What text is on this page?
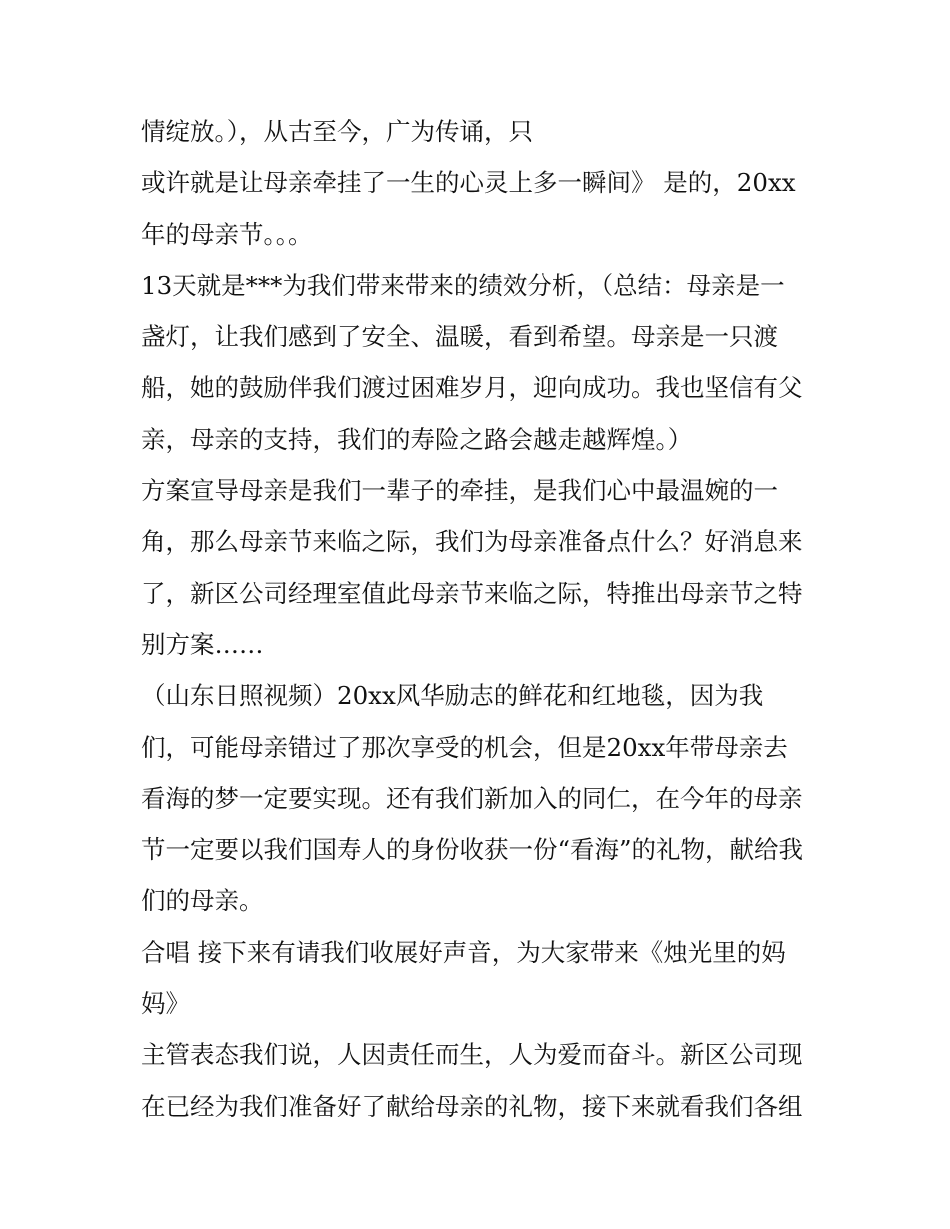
情绽放。），从古至今，广为传诵，只
或许就是让母亲牵挂了一生的心灵上多一瞬间》 是的，20xx
年的母亲节。。。
13天就是***为我们带来带来的绩效分析，（总结：母亲是一
盏灯，让我们感到了安全、温暖，看到希望。母亲是一只渡
船，她的鼓励伴我们渡过困难岁月，迎向成功。我也坚信有父
亲，母亲的支持，我们的寿险之路会越走越辉煌。）
方案宣导母亲是我们一辈子的牵挂，是我们心中最温婉的一
角，那么母亲节来临之际，我们为母亲准备点什么？好消息来
了，新区公司经理室值此母亲节来临之际，特推出母亲节之特
别方案……
（山东日照视频）20xx风华励志的鲜花和红地毯，因为我
们，可能母亲错过了那次享受的机会，但是20xx年带母亲去
看海的梦一定要实现。还有我们新加入的同仁，在今年的母亲
节一定要以我们国寿人的身份收获一份“看海”的礼物，献给我
们的母亲。
合唱 接下来有请我们收展好声音，为大家带来《烛光里的妈
妈》
主管表态我们说，人因责任而生，人为爱而奋斗。新区公司现
在已经为我们准备好了献给母亲的礼物，接下来就看我们各组
